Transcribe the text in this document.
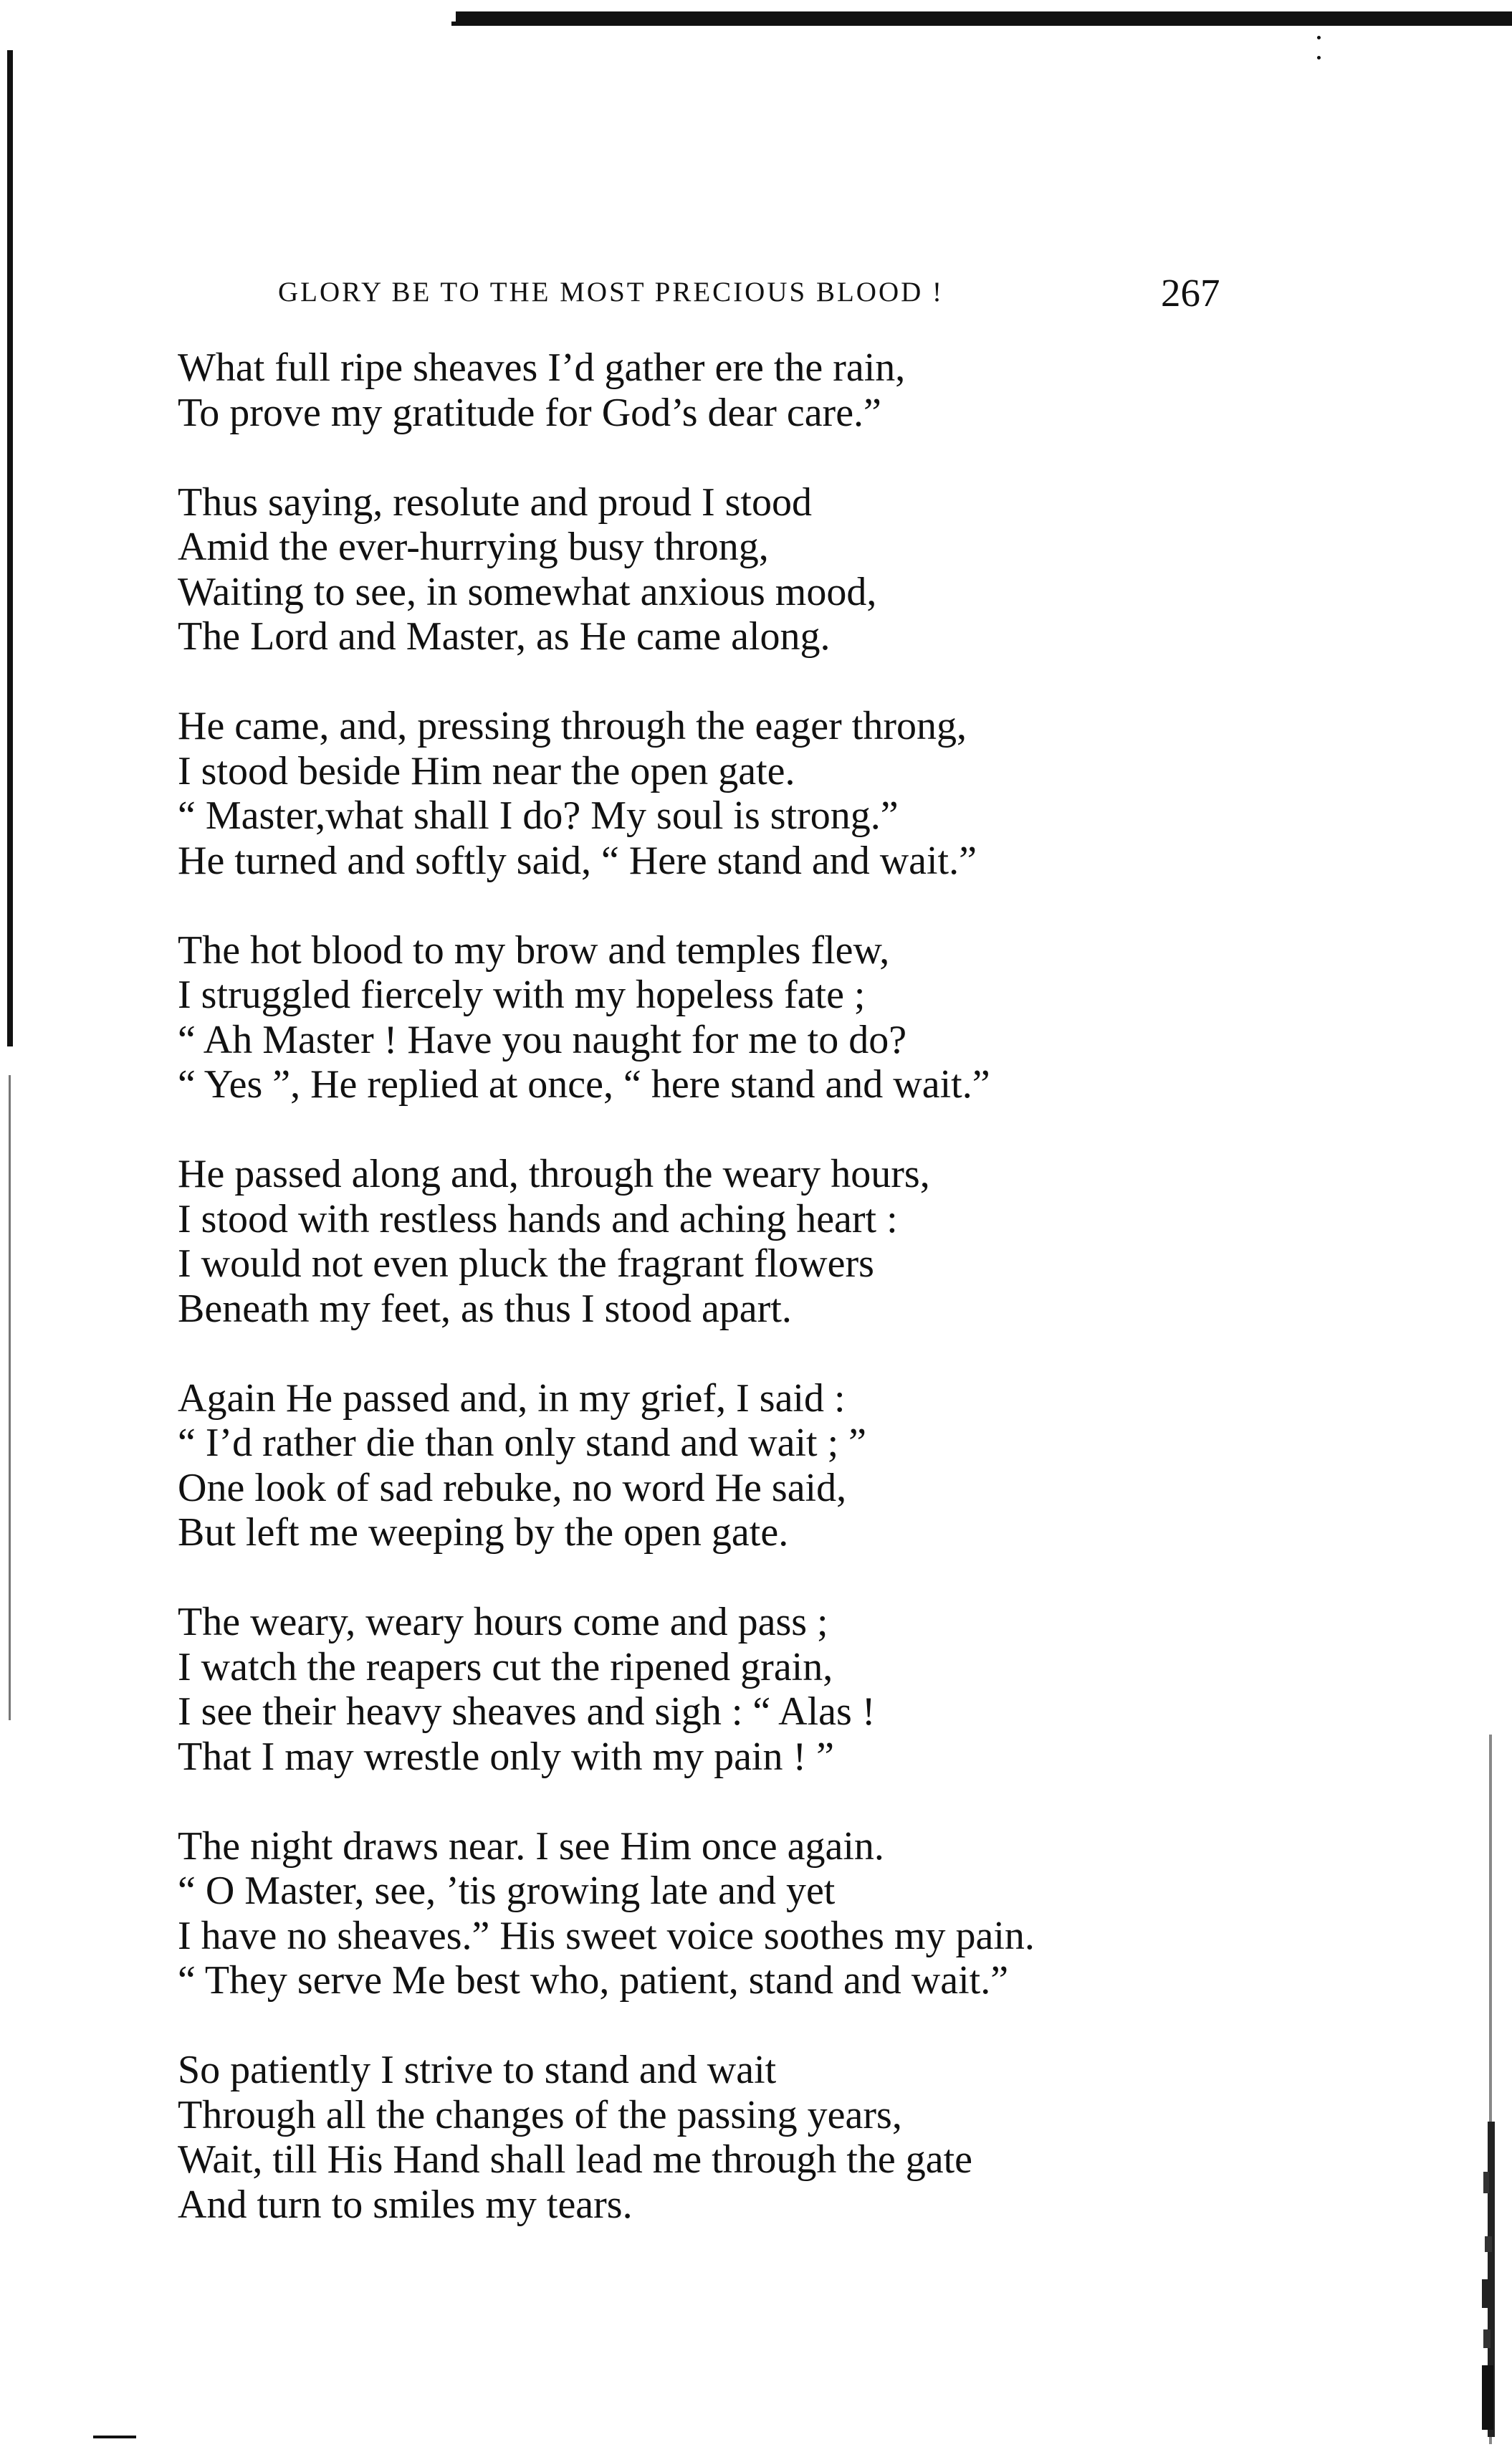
GLORY BE TO THE MOST PRECIOUS BLOOD !	267
What full ripe sheaves I’d gather ere the rain,
To prove my gratitude for God’s dear care.”
Thus saying, resolute and proud I stood
Amid the ever-hurrying busy throng,
Waiting to see, in somewhat anxious mood,
The Lord and Master, as He came along.
He came, and, pressing through the eager throng,
I stood beside Him near the open gate.
“ Master,what shall I do? My soul is strong.”
He turned and softly said, “ Here stand and wait.”
The hot blood to my brow and temples flew,
I struggled fiercely with my hopeless fate ;
“ Ah Master ! Have you naught for me to do?
“ Yes ”, He replied at once, “ here stand and wait.”
He passed along and, through the weary hours,
I stood with restless hands and aching heart :
I would not even pluck the fragrant flowers
Beneath my feet, as thus I stood apart.
Again He passed and, in my grief, I said :
“ I’d rather die than only stand and wait ; ”
One look of sad rebuke, no word He said,
But left me weeping by the open gate.
The weary, weary hours come and pass ;
I watch the reapers cut the ripened grain,
I see their heavy sheaves and sigh : “ Alas !
That I may wrestle only with my pain ! ”
The night draws near. I see Him once again.
“ O Master, see, ’tis growing late and yet
I have no sheaves.” His sweet voice soothes my pain.
“ They serve Me best who, patient, stand and wait.”
So patiently I strive to stand and wait
Through all the changes of the passing years,
Wait, till His Hand shall lead me through the gate
And turn to smiles my tears.
